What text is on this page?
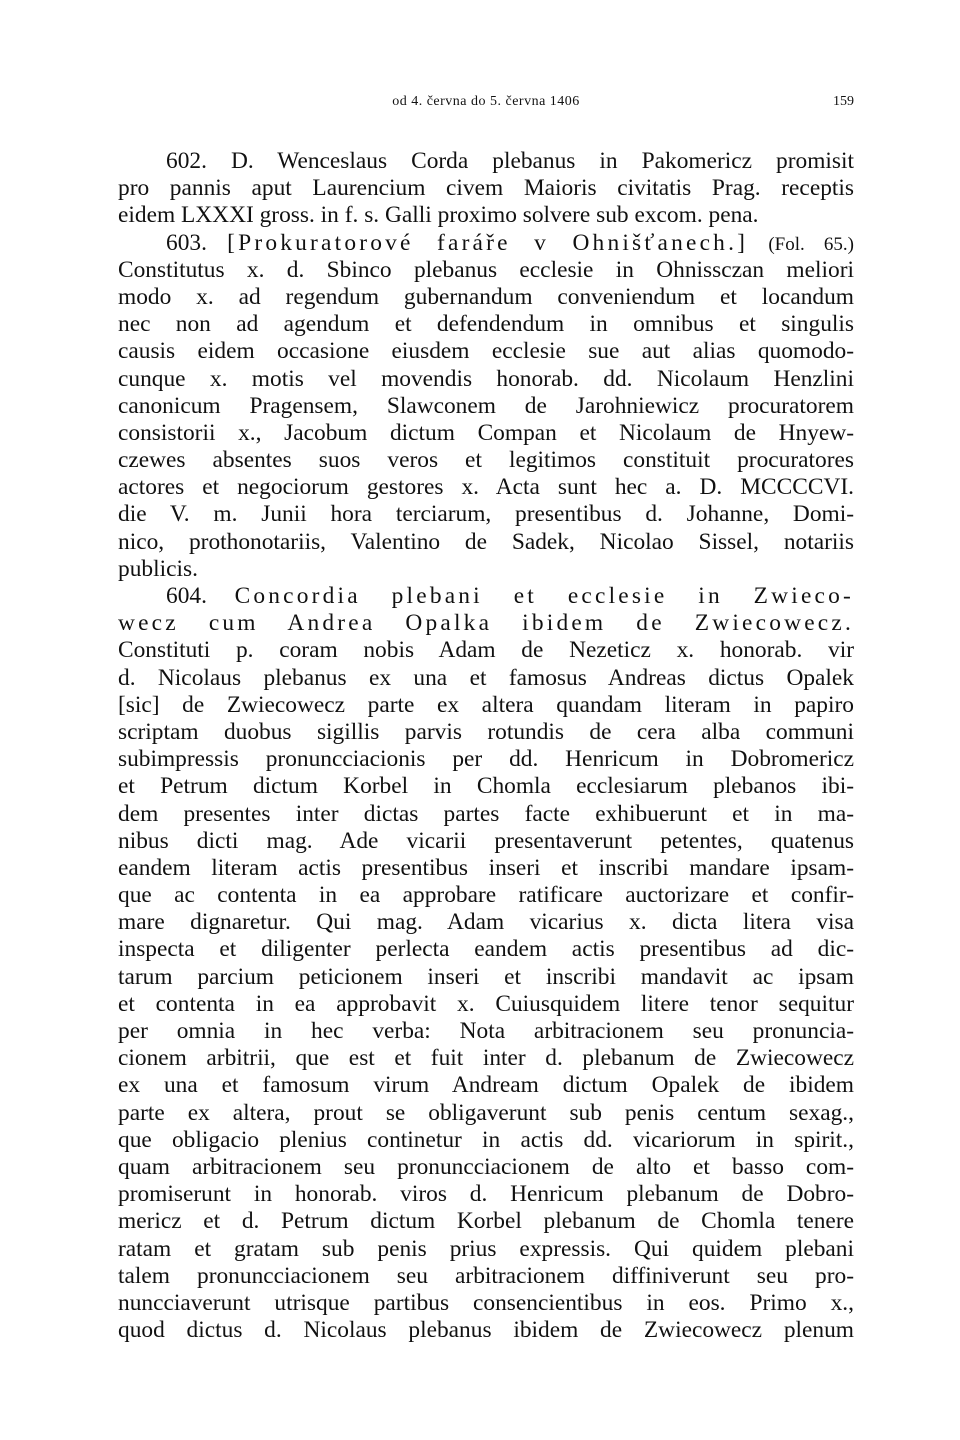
od 4. června do 5. června 1406	159
602. D. Wenceslaus Corda plebanus in Pakomericz promisit
pro pannis aput Laurencium civem Maioris civitatis Prag. receptis
eidem LXXXI gross. in f. s. Galli proximo solvere sub excom. pena.
603. [Prokuratorové faráře v Ohnišťanech.] (Fol. 65.)
Constitutus x. d. Sbinco plebanus ecclesie in Ohnissczan meliori
modo x. ad regendum gubernandum conveniendum et locandum
nec non ad agendum et defendendum in omnibus et singulis
causis eidem occasione eiusdem ecclesie sue aut alias quomodo-
cunque x. motis vel movendis honorab. dd. Nicolaum Henzlini
canonicum Pragensem, Slawconem de Jarohniewicz procuratorem
consistorii x., Jacobum dictum Compan et Nicolaum de Hnyew-
czewes absentes suos veros et legitimos constituit procuratores
actores et negociorum gestores x. Acta sunt hec a. D. MCCCCVI.
die V. m. Junii hora terciarum, presentibus d. Johanne, Domi-
nico, prothonotariis, Valentino de Sadek, Nicolao Sissel, notariis
publicis.
604. Concordia plebani et ecclesie in Zwieco-
wecz cum Andrea Opalka ibidem de Zwiecowecz.
Constituti p. coram nobis Adam de Nezeticz x. honorab. vir
d. Nicolaus plebanus ex una et famosus Andreas dictus Opalek
[sic] de Zwiecowecz parte ex altera quandam literam in papiro
scriptam duobus sigillis parvis rotundis de cera alba communi
subimpressis pronuncciacionis per dd. Henricum in Dobromericz
et Petrum dictum Korbel in Chomla ecclesiarum plebanos ibi-
dem presentes inter dictas partes facte exhibuerunt et in ma-
nibus dicti mag. Ade vicarii presentaverunt petentes, quatenus
eandem literam actis presentibus inseri et inscribi mandare ipsam-
que ac contenta in ea approbare ratificare auctorizare et confir-
mare dignaretur. Qui mag. Adam vicarius x. dicta litera visa
inspecta et diligenter perlecta eandem actis presentibus ad dic-
tarum parcium peticionem inseri et inscribi mandavit ac ipsam
et contenta in ea approbavit x. Cuiusquidem litere tenor sequitur
per omnia in hec verba: Nota arbitracionem seu pronuncia-
cionem arbitrii, que est et fuit inter d. plebanum de Zwiecowecz
ex una et famosum virum Andream dictum Opalek de ibidem
parte ex altera, prout se obligaverunt sub penis centum sexag.,
que obligacio plenius continetur in actis dd. vicariorum in spirit.,
quam arbitracionem seu pronuncciacionem de alto et basso com-
promiserunt in honorab. viros d. Henricum plebanum de Dobro-
mericz et d. Petrum dictum Korbel plebanum de Chomla tenere
ratam et gratam sub penis prius expressis. Qui quidem plebani
talem pronuncciacionem seu arbitracionem diffiniverunt seu pro-
nuncciaverunt utrisque partibus consencientibus in eos. Primo x.,
quod dictus d. Nicolaus plebanus ibidem de Zwiecowecz plenum
